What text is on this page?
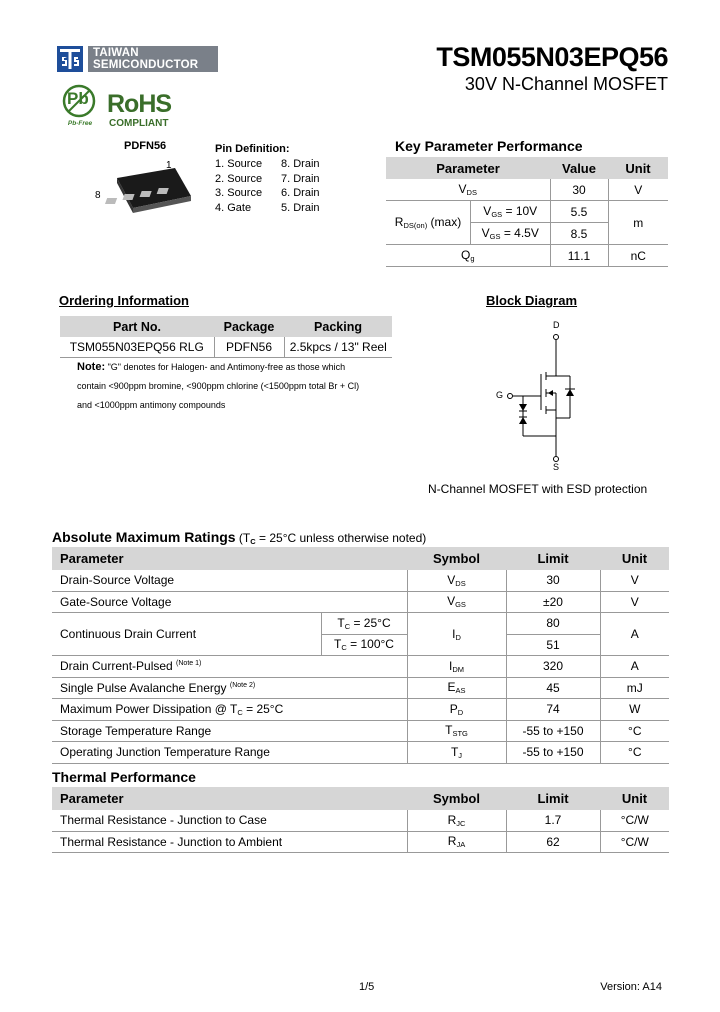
TAIWAN
SEMICONDUCTOR	TSM055N03EPQ56
30V N-Channel MOSFET
Pb
Pb-Free
RoHS
COMPLIANT
PDFN56
1
8
Pin Definition:
1. Source
2. Source
3. Source
4. Gate
8. Drain
7. Drain
6. Drain
5. Drain
Key Parameter Performance
Parameter		Value	Unit
$V_{DS}$		30	V
$R_{DS(on)}$ (max)	$V_{GS} = 10V$	5.5	m
	$V_{GS} = 4.5V$	8.5	
$Q_g$		11.1	nC
Ordering Information
Part No.	Package	Packing
TSM055N03EPQ56 RLG	PDFN56	2.5kpcs / 13" Reel
Note: "G" denotes for Halogen- and Antimony-free as those which
contain <900ppm bromine, <900ppm chlorine (<1500ppm total Br + Cl)
and <1000ppm antimony compounds
Block Diagram
D
G
S
N-Channel MOSFET with ESD protection
Absolute Maximum Ratings ($T_C = 25^\circ C$ unless otherwise noted)
Parameter		Symbol	Limit	Unit
Drain-Source Voltage		$V_{DS}$	30	V
Gate-Source Voltage		$V_{GS}$	±20	V
Continuous Drain Current	$T_C = 25^\circ C$	$I_D$	80	A
	$T_C = 100^\circ C$		51	
Drain Current-Pulsed $^{(Note 1)}$		$I_{DM}$	320	A
Single Pulse Avalanche Energy $^{(Note 2)}$		$E_{AS}$	45	mJ
Maximum Power Dissipation @ $T_C = 25^\circ C$		$P_D$	74	W
Storage Temperature Range		$T_{STG}$	-55 to +150	°C
Operating Junction Temperature Range		$T_J$	-55 to +150	°C
Thermal Performance
Parameter	Symbol	Limit	Unit
Thermal Resistance - Junction to Case	$R_{JC}$	1.7	°C/W
Thermal Resistance - Junction to Ambient	$R_{JA}$	62	°C/W
1/5	Version: A14
